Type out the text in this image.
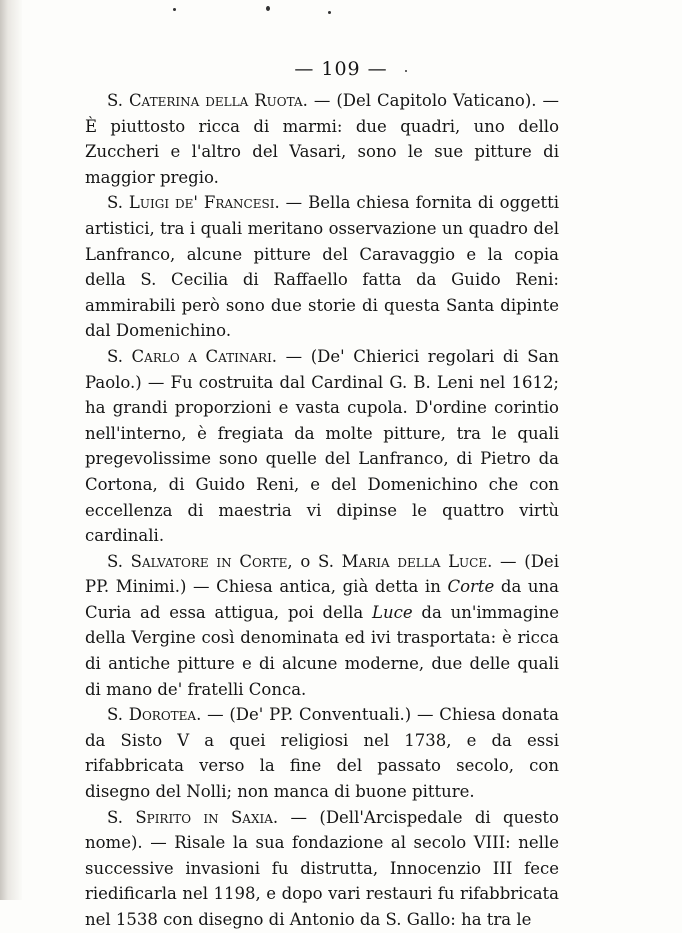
— 109 —

S. Caterina della Ruota. — (Del Capitolo Vaticano). — È piuttosto ricca di marmi: due quadri, uno dello Zuccheri e l'altro del Vasari, sono le sue pitture di maggior pregio.

S. Luigi de' Francesi. — Bella chiesa fornita di oggetti artistici, tra i quali meritano osservazione un quadro del Lanfranco, alcune pitture del Caravaggio e la copia della S. Cecilia di Raffaello fatta da Guido Reni: ammirabili però sono due storie di questa Santa dipinte dal Domenichino.

S. Carlo a Catinari. — (De' Chierici regolari di San Paolo.) — Fu costruita dal Cardinal G. B. Leni nel 1612; ha grandi proporzioni e vasta cupola. D'ordine corintio nell'interno, è fregiata da molte pitture, tra le quali pregevolissime sono quelle del Lanfranco, di Pietro da Cortona, di Guido Reni, e del Domenichino che con eccellenza di maestria vi dipinse le quattro virtù cardinali.

S. Salvatore in Corte, o S. Maria della Luce. — (Dei PP. Minimi.) — Chiesa antica, già detta in Corte da una Curia ad essa attigua, poi della Luce da un'immagine della Vergine così denominata ed ivi trasportata: è ricca di antiche pitture e di alcune moderne, due delle quali di mano de' fratelli Conca.

S. Dorotea. — (De' PP. Conventuali.) — Chiesa donata da Sisto V a quei religiosi nel 1738, e da essi rifabbricata verso la fine del passato secolo, con disegno del Nolli; non manca di buone pitture.

S. Spirito in Saxia. — (Dell'Arcispedale di questo nome). — Risale la sua fondazione al secolo VIII: nelle successive invasioni fu distrutta, Innocenzio III fece riedificarla nel 1198, e dopo vari restauri fu rifabbricata nel 1538 con disegno di Antonio da S. Gallo: ha tra le
